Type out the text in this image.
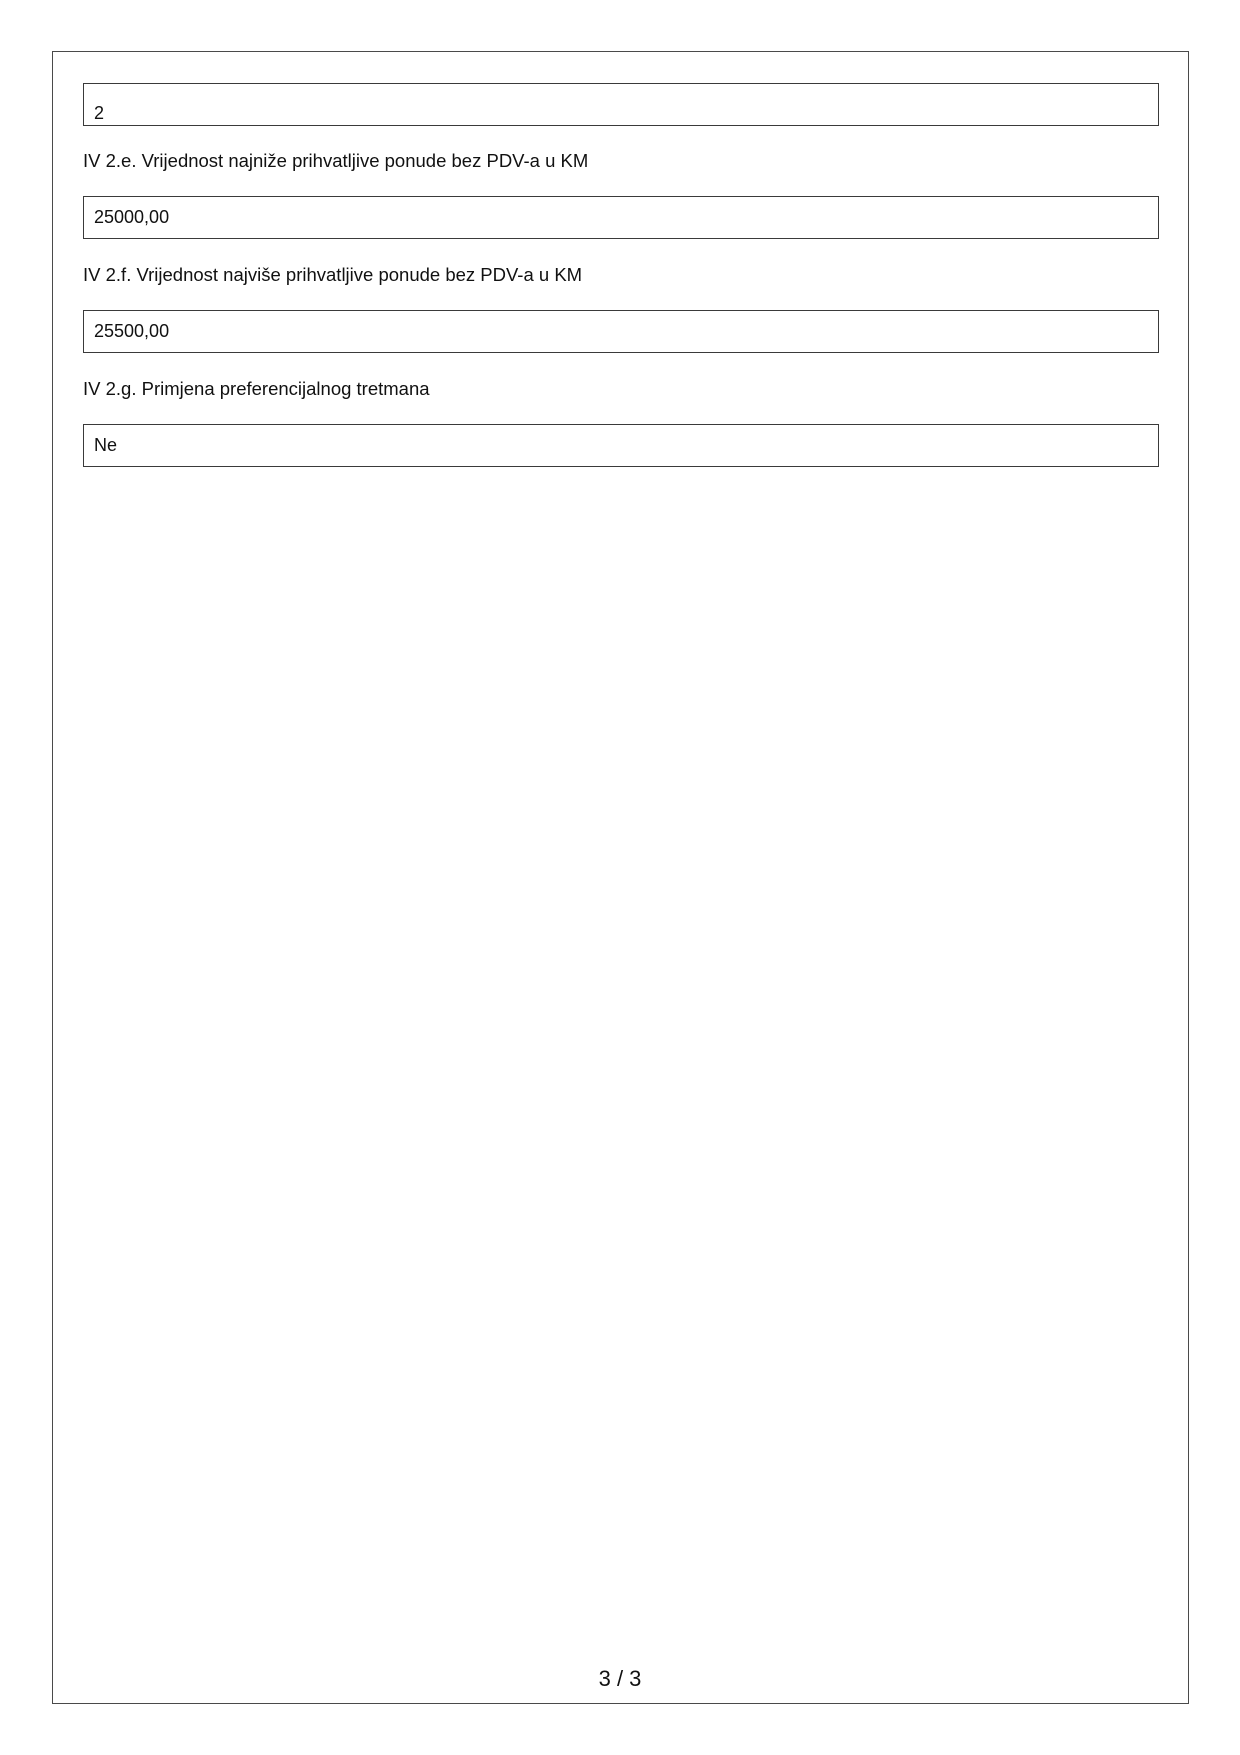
2
IV 2.e. Vrijednost najniže prihvatljive ponude bez PDV-a u KM
25000,00
IV 2.f. Vrijednost najviše prihvatljive ponude bez PDV-a u KM
25500,00
IV 2.g. Primjena preferencijalnog tretmana
Ne
3 / 3
